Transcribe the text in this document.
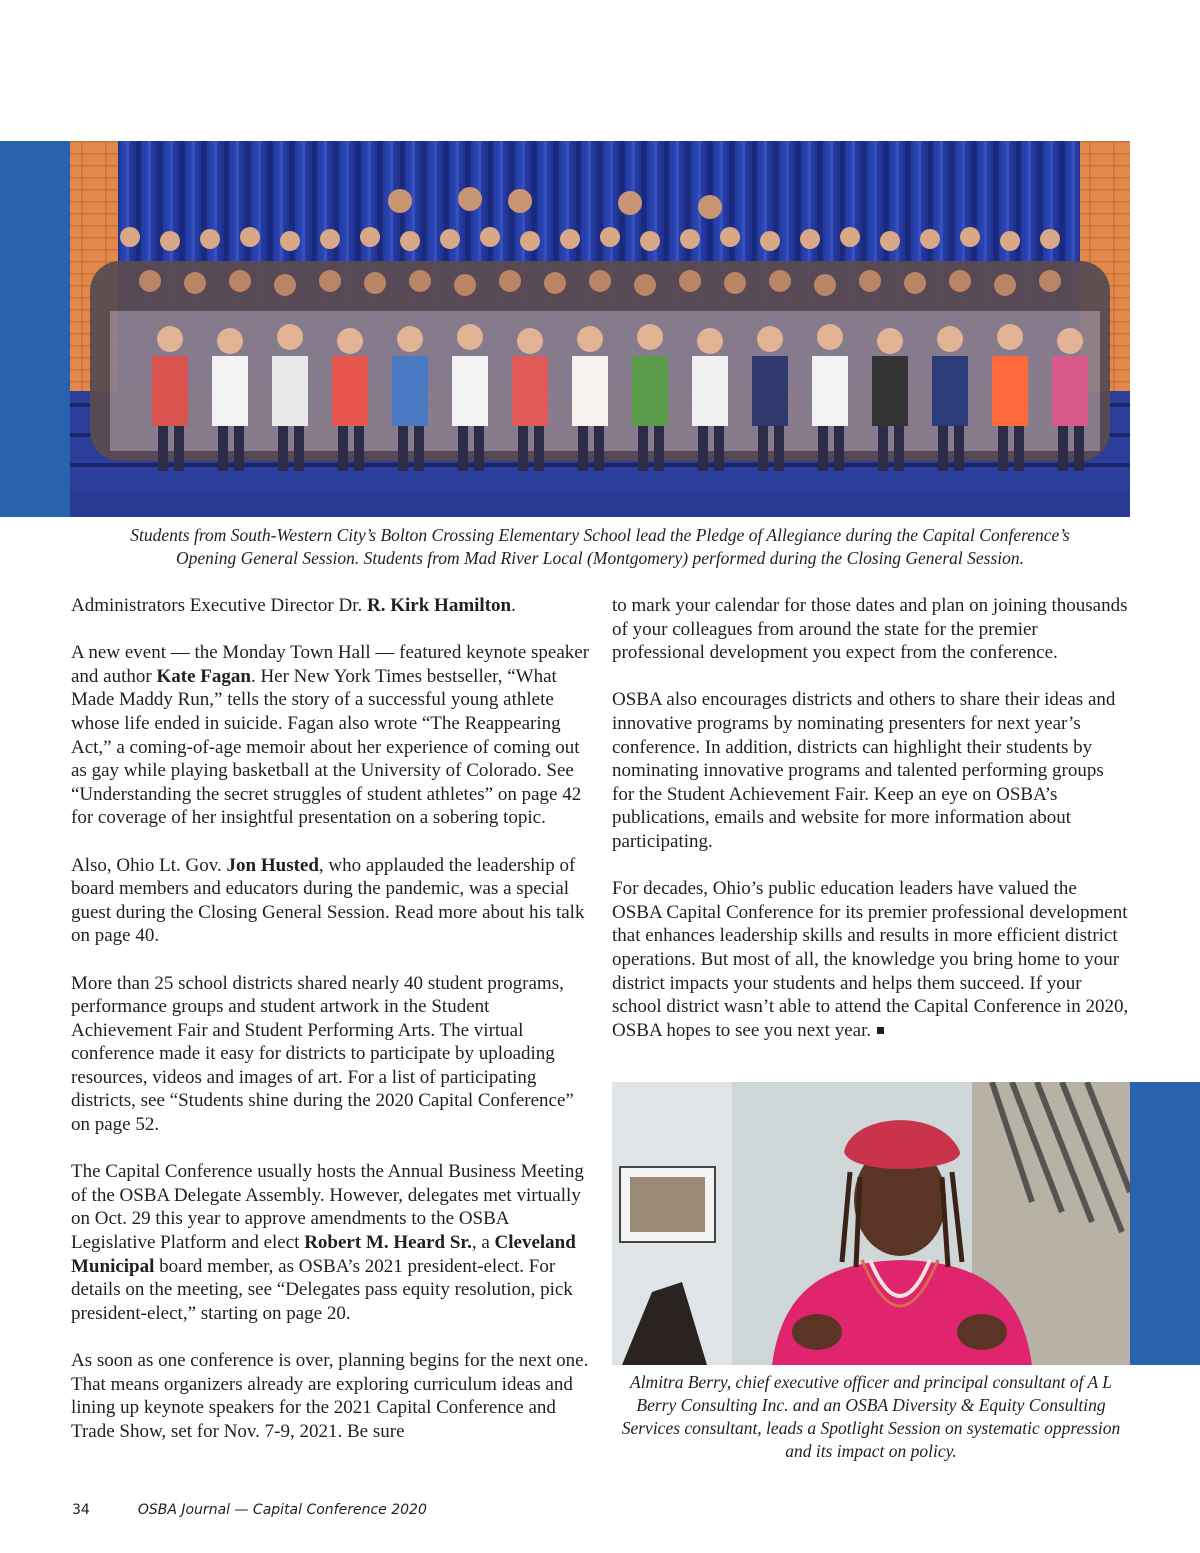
Students from South-Western City’s Bolton Crossing Elementary School lead the Pledge of Allegiance during the Capital Conference’s
Opening General Session. Students from Mad River Local (Montgomery) performed during the Closing General Session.

Administrators Executive Director Dr. R. Kirk Hamilton.

A new event — the Monday Town Hall — featured keynote speaker and author Kate Fagan. Her New York Times bestseller, “What Made Maddy Run,” tells the story of a successful young athlete whose life ended in suicide. Fagan also wrote “The Reappearing Act,” a coming-of-age memoir about her experience of coming out as gay while playing basketball at the University of Colorado. See “Understanding the secret struggles of student athletes” on page 42 for coverage of her insightful presentation on a sobering topic.

Also, Ohio Lt. Gov. Jon Husted, who applauded the leadership of board members and educators during the pandemic, was a special guest during the Closing General Session. Read more about his talk on page 40.

More than 25 school districts shared nearly 40 student programs, performance groups and student artwork in the Student Achievement Fair and Student Performing Arts. The virtual conference made it easy for districts to participate by uploading resources, videos and images of art. For a list of participating districts, see “Students shine during the 2020 Capital Conference” on page 52.

The Capital Conference usually hosts the Annual Business Meeting of the OSBA Delegate Assembly. However, delegates met virtually on Oct. 29 this year to approve amendments to the OSBA Legislative Platform and elect Robert M. Heard Sr., a Cleveland Municipal board member, as OSBA’s 2021 president-elect. For details on the meeting, see “Delegates pass equity resolution, pick president-elect,” starting on page 20.

As soon as one conference is over, planning begins for the next one. That means organizers already are exploring curriculum ideas and lining up keynote speakers for the 2021 Capital Conference and Trade Show, set for Nov. 7-9, 2021. Be sure

to mark your calendar for those dates and plan on joining thousands of your colleagues from around the state for the premier professional development you expect from the conference.

OSBA also encourages districts and others to share their ideas and innovative programs by nominating presenters for next year’s conference. In addition, districts can highlight their students by nominating innovative programs and talented performing groups for the Student Achievement Fair. Keep an eye on OSBA’s publications, emails and website for more information about participating.

For decades, Ohio’s public education leaders have valued the OSBA Capital Conference for its premier professional development that enhances leadership skills and results in more efficient district operations. But most of all, the knowledge you bring home to your district impacts your students and helps them succeed. If your school district wasn’t able to attend the Capital Conference in 2020, OSBA hopes to see you next year.

Almitra Berry, chief executive officer and principal consultant of A L Berry Consulting Inc. and an OSBA Diversity & Equity Consulting Services consultant, leads a Spotlight Session on systematic oppression and its impact on policy.
34	OSBA Journal — Capital Conference 2020
